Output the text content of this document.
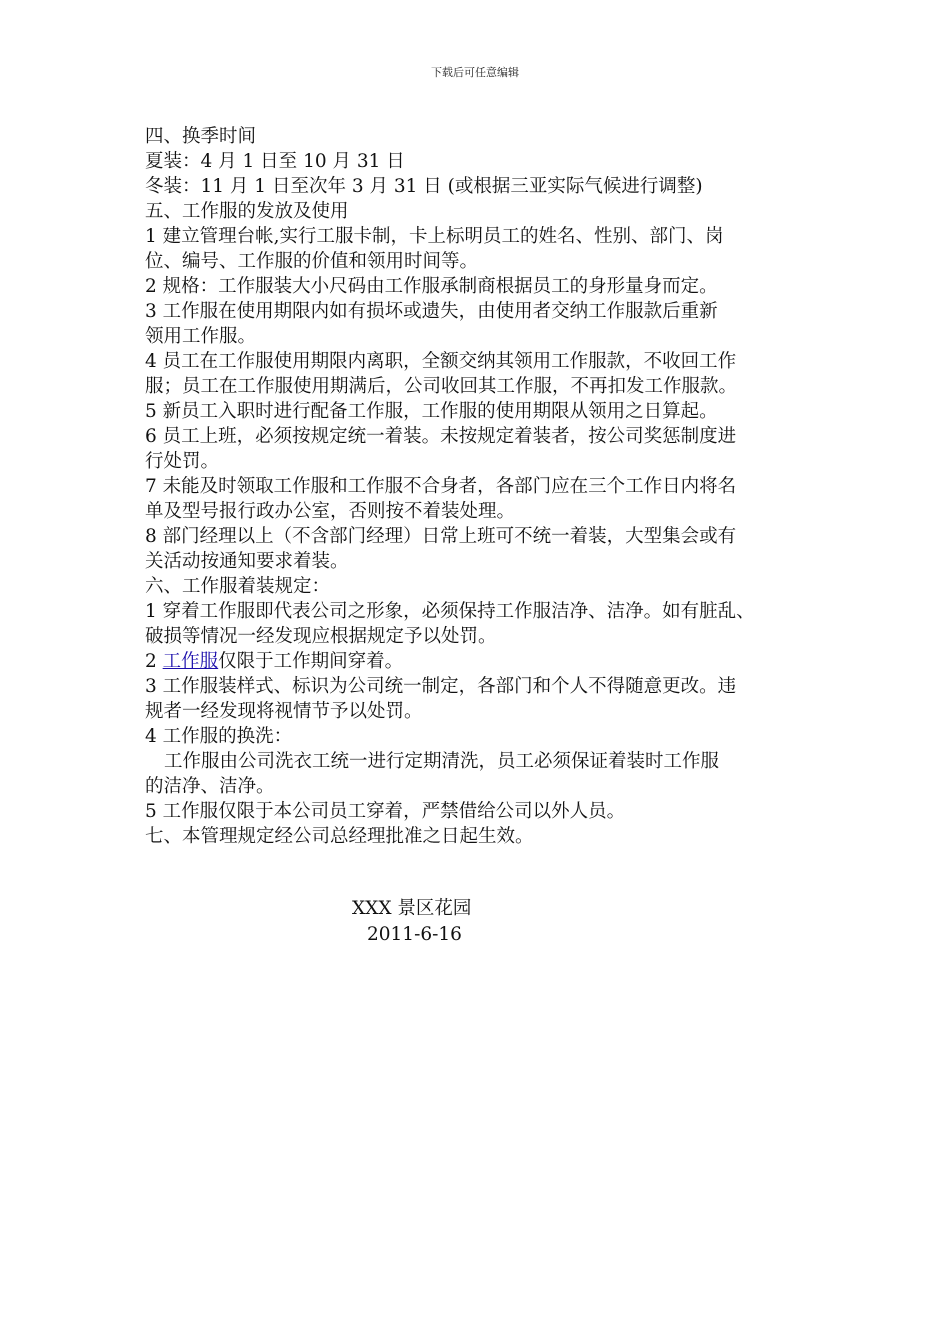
下载后可任意编辑
四、换季时间
夏装：4 月 1 日至 10 月 31 日
冬装：11 月 1 日至次年 3 月 31 日 (或根据三亚实际气候进行调整)
五、工作服的发放及使用
1 建立管理台帐,实行工服卡制，卡上标明员工的姓名、性别、部门、岗
位、编号、工作服的价值和领用时间等。
2 规格：工作服装大小尺码由工作服承制商根据员工的身形量身而定。
3 工作服在使用期限内如有损坏或遗失，由使用者交纳工作服款后重新
领用工作服。
4 员工在工作服使用期限内离职，全额交纳其领用工作服款，不收回工作
服；员工在工作服使用期满后，公司收回其工作服，不再扣发工作服款。
5 新员工入职时进行配备工作服，工作服的使用期限从领用之日算起。
6 员工上班，必须按规定统一着装。未按规定着装者，按公司奖惩制度进
行处罚。
7 未能及时领取工作服和工作服不合身者，各部门应在三个工作日内将名
单及型号报行政办公室，否则按不着装处理。
8 部门经理以上（不含部门经理）日常上班可不统一着装，大型集会或有
关活动按通知要求着装。
六、工作服着装规定：
1 穿着工作服即代表公司之形象，必须保持工作服洁净、洁净。如有脏乱、
破损等情况一经发现应根据规定予以处罚。
2 工作服仅限于工作期间穿着。
3 工作服装样式、标识为公司统一制定，各部门和个人不得随意更改。违
规者一经发现将视情节予以处罚。
4 工作服的换洗：
工作服由公司洗衣工统一进行定期清洗，员工必须保证着装时工作服
的洁净、洁净。
5 工作服仅限于本公司员工穿着，严禁借给公司以外人员。
七、本管理规定经公司总经理批准之日起生效。
XXX 景区花园
2011-6-16
